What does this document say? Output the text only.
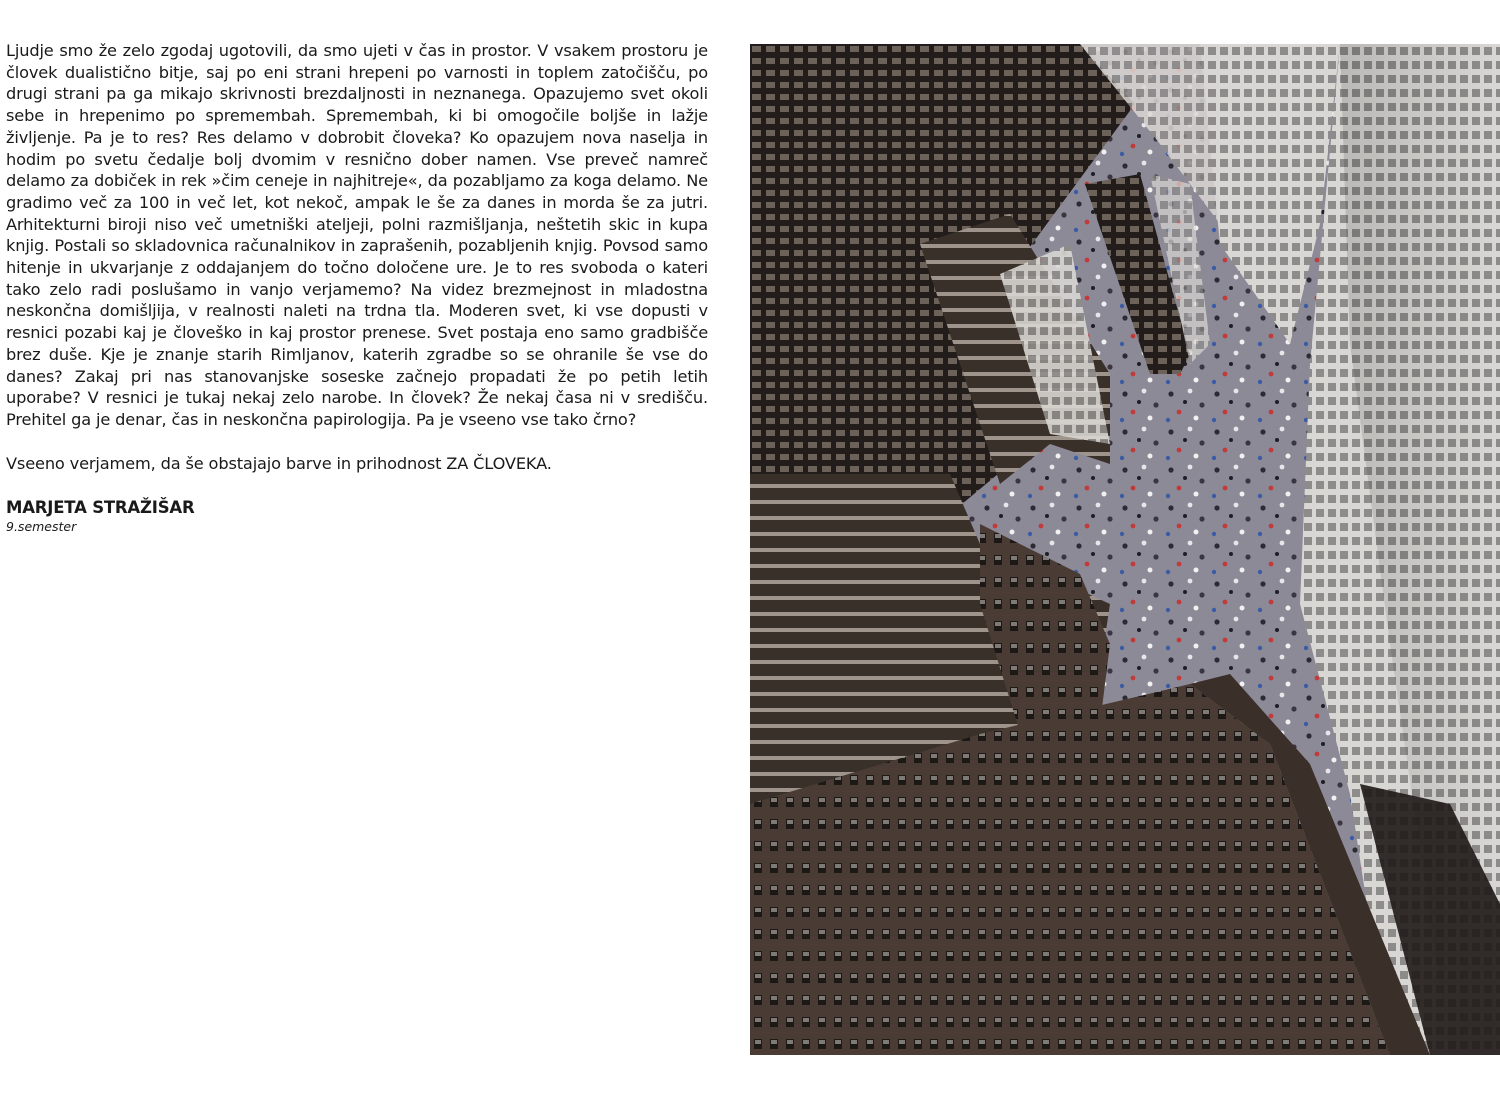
Ljudje smo že zelo zgodaj ugotovili, da smo ujeti v čas in prostor. V vsakem prostoru je človek dualistično bitje, saj po eni strani hrepeni po varnosti in toplem zatočišču, po drugi strani pa ga mikajo skrivnosti brezdaljnosti in neznanega. Opazujemo svet okoli sebe in hrepenimo po spremembah. Spremembah, ki bi omogočile boljše in lažje življenje. Pa je to res? Res delamo v dobrobit človeka? Ko opazujem nova naselja in hodim po svetu čedalje bolj dvomim v resnično dober namen. Vse preveč namreč delamo za dobiček in rek »čim ceneje in najhitreje«, da pozabljamo za koga delamo. Ne gradimo več za 100 in več let, kot nekoč, ampak le še za danes in morda še za jutri. Arhitekturni biroji niso več umetniški ateljeji, polni razmišljanja, neštetih skic in kupa knjig. Postali so skladovnica računalnikov in zaprašenih, pozabljenih knjig. Povsod samo hitenje in ukvarjanje z oddajanjem do točno določene ure. Je to res svoboda o kateri tako zelo radi poslušamo in vanjo verjamemo? Na videz brezmejnost in mladostna neskončna domišljija, v realnosti naleti na trdna tla. Moderen svet, ki vse dopusti v resnici pozabi kaj je človeško in kaj prostor prenese. Svet postaja eno samo gradbišče brez duše. Kje je znanje starih Rimljanov, katerih zgradbe so se ohranile še vse do danes? Zakaj pri nas stanovanjske soseske začnejo propadati že po petih letih uporabe? V resnici je tukaj nekaj zelo narobe. In človek? Že nekaj časa ni v središču. Prehitel ga je denar, čas in neskončna papirologija. Pa je vseeno vse tako črno?

Vseeno verjamem, da še obstajajo barve in prihodnost ZA ČLOVEKA.

MARJETA STRAŽIŠAR

9.semester
